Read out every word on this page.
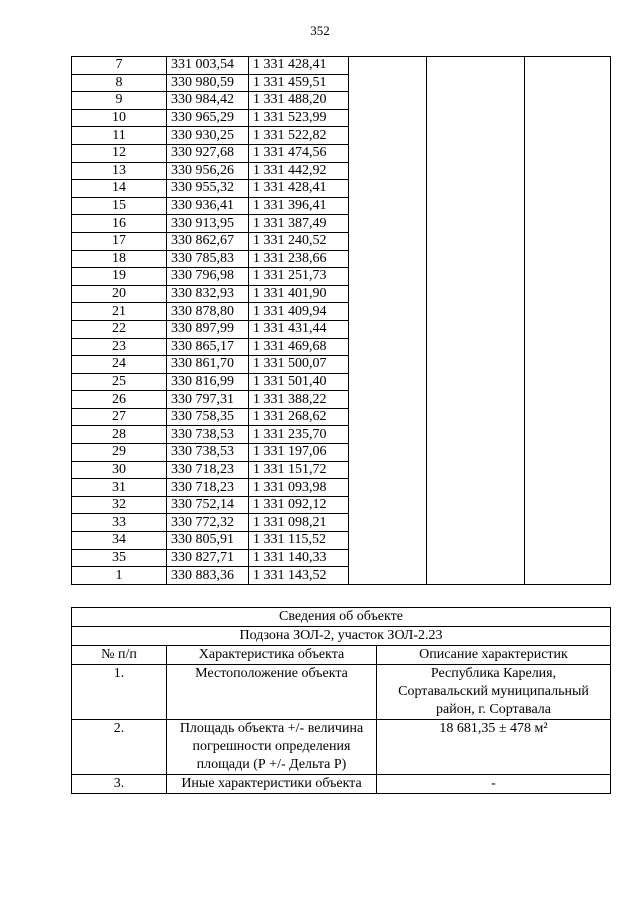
352
7	331 003,54	1 331 428,41			
8	330 980,59	1 331 459,51			
9	330 984,42	1 331 488,20			
10	330 965,29	1 331 523,99			
11	330 930,25	1 331 522,82			
12	330 927,68	1 331 474,56			
13	330 956,26	1 331 442,92			
14	330 955,32	1 331 428,41			
15	330 936,41	1 331 396,41			
16	330 913,95	1 331 387,49			
17	330 862,67	1 331 240,52			
18	330 785,83	1 331 238,66			
19	330 796,98	1 331 251,73			
20	330 832,93	1 331 401,90			
21	330 878,80	1 331 409,94			
22	330 897,99	1 331 431,44			
23	330 865,17	1 331 469,68			
24	330 861,70	1 331 500,07			
25	330 816,99	1 331 501,40			
26	330 797,31	1 331 388,22			
27	330 758,35	1 331 268,62			
28	330 738,53	1 331 235,70			
29	330 738,53	1 331 197,06			
30	330 718,23	1 331 151,72			
31	330 718,23	1 331 093,98			
32	330 752,14	1 331 092,12			
33	330 772,32	1 331 098,21			
34	330 805,91	1 331 115,52			
35	330 827,71	1 331 140,33			
1	330 883,36	1 331 143,52			
Сведения об объекте		
Подзона ЗОЛ-2, участок ЗОЛ-2.23		
№ п/п	Характеристика объекта	Описание характеристик
1.	Местоположение объекта	Республика Карелия,
Сортавальский муниципальный
район, г. Сортавала

2.	Площадь объекта +/- величина
погрешности определения
площади (Р +/- Дельта Р)	18 681,35 ± 478 м²
3.	Иные характеристики объекта	-
